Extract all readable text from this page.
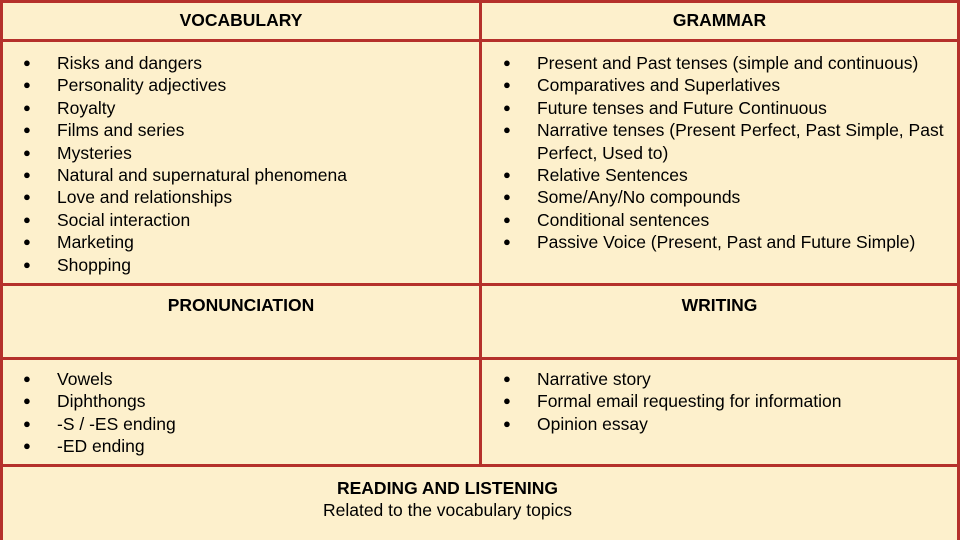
VOCABULARY	GRAMMAR
● Risks and dangers
● Personality adjectives
● Royalty
● Films and series
● Mysteries
● Natural and supernatural phenomena
● Love and relationships
● Social interaction
● Marketing
● Shopping
● Present and Past tenses (simple and continuous)
● Comparatives and Superlatives
● Future tenses and Future Continuous
● Narrative tenses (Present Perfect, Past Simple, Past Perfect, Used to)
● Relative Sentences
● Some/Any/No compounds
● Conditional sentences
● Passive Voice (Present, Past and Future Simple)
PRONUNCIATION	WRITING
● Vowels
● Diphthongs
● -S / -ES ending
● -ED ending
● Narrative story
● Formal email requesting for information
● Opinion essay
READING AND LISTENING
Related to the vocabulary topics
